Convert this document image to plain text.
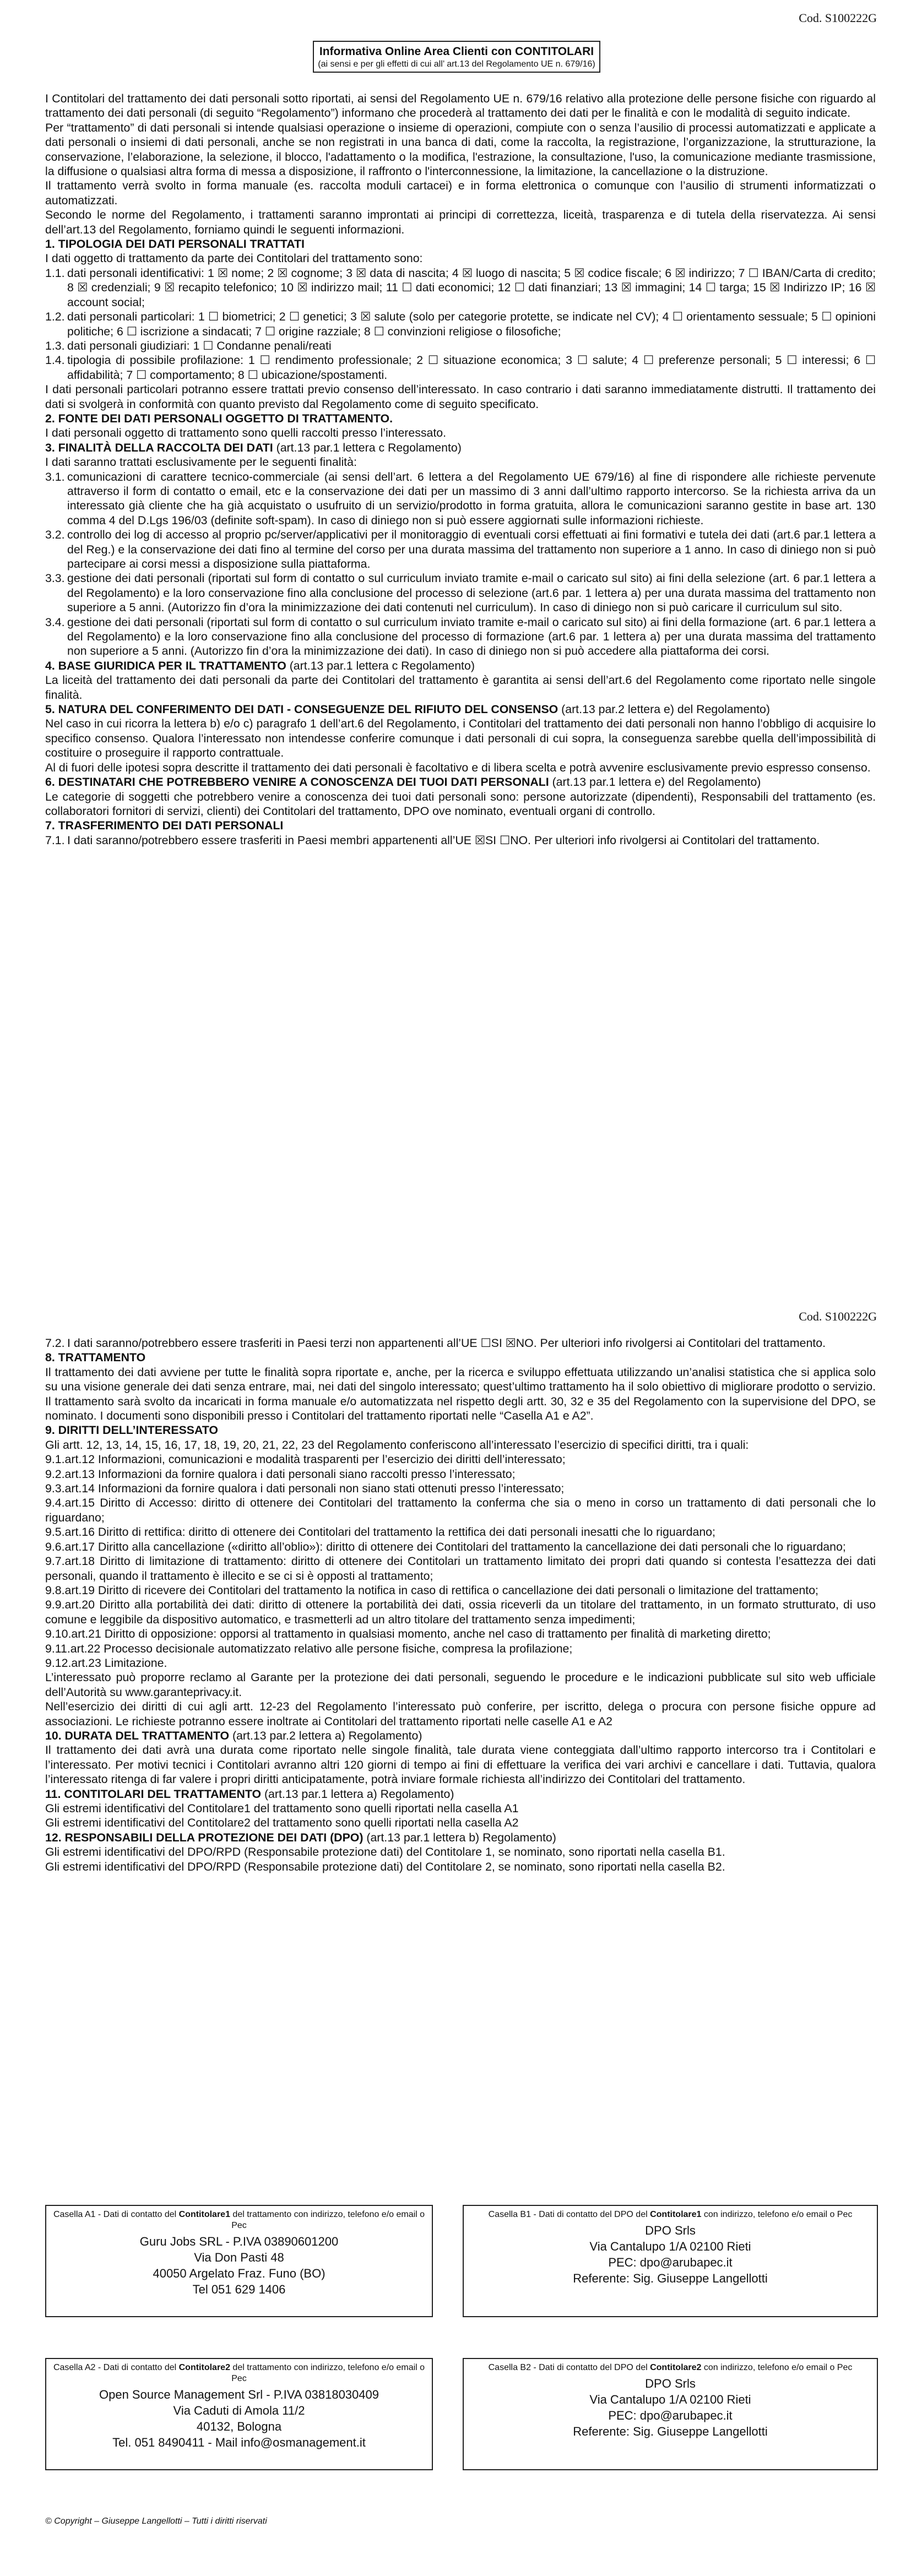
Cod. S100222G
Informativa Online Area Clienti con CONTITOLARI
(ai sensi e per gli effetti di cui all’ art.13 del Regolamento UE n. 679/16)

I Contitolari del trattamento dei dati personali sotto riportati, ai sensi del Regolamento UE n. 679/16 relativo alla protezione delle persone fisiche con riguardo al trattamento dei dati personali (di seguito “Regolamento”) informano che procederà al trattamento dei dati per le finalità e con le modalità di seguito indicate.

Per “trattamento” di dati personali si intende qualsiasi operazione o insieme di operazioni, compiute con o senza l’ausilio di processi automatizzati e applicate a dati personali o insiemi di dati personali, anche se non registrati in una banca di dati, come la raccolta, la registrazione, l’organizzazione, la strutturazione, la conservazione, l’elaborazione, la selezione, il blocco, l'adattamento o la modifica, l'estrazione, la consultazione, l'uso, la comunicazione mediante trasmissione, la diffusione o qualsiasi altra forma di messa a disposizione, il raffronto o l'interconnessione, la limitazione, la cancellazione o la distruzione.

Il trattamento verrà svolto in forma manuale (es. raccolta moduli cartacei) e in forma elettronica o comunque con l’ausilio di strumenti informatizzati o automatizzati.

Secondo le norme del Regolamento, i trattamenti saranno improntati ai principi di correttezza, liceità, trasparenza e di tutela della riservatezza. Ai sensi dell’art.13 del Regolamento, forniamo quindi le seguenti informazioni.

1. TIPOLOGIA DEI DATI PERSONALI TRATTATI

I dati oggetto di trattamento da parte dei Contitolari del trattamento sono:

1.1. dati personali identificativi: 1 ☒ nome; 2 ☒ cognome; 3 ☒ data di nascita; 4 ☒ luogo di nascita; 5 ☒ codice fiscale; 6 ☒ indirizzo; 7 ☐ IBAN/Carta di credito; 8 ☒ credenziali; 9 ☒ recapito telefonico; 10 ☒ indirizzo mail; 11 ☐ dati economici; 12 ☐ dati finanziari; 13 ☒ immagini; 14 ☐ targa; 15 ☒ Indirizzo IP; 16 ☒ account social;
1.2. dati personali particolari: 1 ☐ biometrici; 2 ☐ genetici; 3 ☒ salute (solo per categorie protette, se indicate nel CV); 4 ☐ orientamento sessuale; 5 ☐ opinioni politiche; 6 ☐ iscrizione a sindacati; 7 ☐ origine razziale; 8 ☐ convinzioni religiose o filosofiche;
1.3. dati personali giudiziari: 1 ☐ Condanne penali/reati
1.4. tipologia di possibile profilazione: 1 ☐ rendimento professionale; 2 ☐ situazione economica; 3 ☐ salute; 4 ☐ preferenze personali; 5 ☐ interessi; 6 ☐ affidabilità; 7 ☐ comportamento; 8 ☐ ubicazione/spostamenti.

I dati personali particolari potranno essere trattati previo consenso dell’interessato. In caso contrario i dati saranno immediatamente distrutti. Il trattamento dei dati si svolgerà in conformità con quanto previsto dal Regolamento come di seguito specificato.

2. FONTE DEI DATI PERSONALI OGGETTO DI TRATTAMENTO.

I dati personali oggetto di trattamento sono quelli raccolti presso l’interessato.

3. FINALITÀ DELLA RACCOLTA DEI DATI (art.13 par.1 lettera c Regolamento)

I dati saranno trattati esclusivamente per le seguenti finalità:

3.1. comunicazioni di carattere tecnico-commerciale (ai sensi dell’art. 6 lettera a del Regolamento UE 679/16) al fine di rispondere alle richieste pervenute attraverso il form di contatto o email, etc e la conservazione dei dati per un massimo di 3 anni dall’ultimo rapporto intercorso. Se la richiesta arriva da un interessato già cliente che ha già acquistato o usufruito di un servizio/prodotto in forma gratuita, allora le comunicazioni saranno gestite in base art. 130 comma 4 del D.Lgs 196/03 (definite soft-spam). In caso di diniego non si può essere aggiornati sulle informazioni richieste.
3.2. controllo dei log di accesso al proprio pc/server/applicativi per il monitoraggio di eventuali corsi effettuati ai fini formativi e tutela dei dati (art.6 par.1 lettera a del Reg.) e la conservazione dei dati fino al termine del corso per una durata massima del trattamento non superiore a 1 anno. In caso di diniego non si può partecipare ai corsi messi a disposizione sulla piattaforma.
3.3. gestione dei dati personali (riportati sul form di contatto o sul curriculum inviato tramite e-mail o caricato sul sito) ai fini della selezione (art. 6 par.1 lettera a del Regolamento) e la loro conservazione fino alla conclusione del processo di selezione (art.6 par. 1 lettera a) per una durata massima del trattamento non superiore a 5 anni. (Autorizzo fin d’ora la minimizzazione dei dati contenuti nel curriculum). In caso di diniego non si può caricare il curriculum sul sito.
3.4. gestione dei dati personali (riportati sul form di contatto o sul curriculum inviato tramite e-mail o caricato sul sito) ai fini della formazione (art. 6 par.1 lettera a del Regolamento) e la loro conservazione fino alla conclusione del processo di formazione (art.6 par. 1 lettera a) per una durata massima del trattamento non superiore a 5 anni. (Autorizzo fin d’ora la minimizzazione dei dati). In caso di diniego non si può accedere alla piattaforma dei corsi.

4. BASE GIURIDICA PER IL TRATTAMENTO (art.13 par.1 lettera c Regolamento)

La liceità del trattamento dei dati personali da parte dei Contitolari del trattamento è garantita ai sensi dell’art.6 del Regolamento come riportato nelle singole finalità.

5. NATURA DEL CONFERIMENTO DEI DATI - CONSEGUENZE DEL RIFIUTO DEL CONSENSO (art.13 par.2 lettera e) del Regolamento)

Nel caso in cui ricorra la lettera b) e/o c) paragrafo 1 dell’art.6 del Regolamento, i Contitolari del trattamento dei dati personali non hanno l’obbligo di acquisire lo specifico consenso. Qualora l’interessato non intendesse conferire comunque i dati personali di cui sopra, la conseguenza sarebbe quella dell’impossibilità di costituire o proseguire il rapporto contrattuale.

Al di fuori delle ipotesi sopra descritte il trattamento dei dati personali è facoltativo e di libera scelta e potrà avvenire esclusivamente previo espresso consenso.

6. DESTINATARI CHE POTREBBERO VENIRE A CONOSCENZA DEI TUOI DATI PERSONALI (art.13 par.1 lettera e) del Regolamento)

Le categorie di soggetti che potrebbero venire a conoscenza dei tuoi dati personali sono: persone autorizzate (dipendenti), Responsabili del trattamento (es. collaboratori fornitori di servizi, clienti) dei Contitolari del trattamento, DPO ove nominato, eventuali organi di controllo.

7. TRASFERIMENTO DEI DATI PERSONALI

7.1. I dati saranno/potrebbero essere trasferiti in Paesi membri appartenenti all’UE ☒SI ☐NO. Per ulteriori info rivolgersi ai Contitolari del trattamento.
Cod. S100222G
7.2. I dati saranno/potrebbero essere trasferiti in Paesi terzi non appartenenti all’UE ☐SI ☒NO. Per ulteriori info rivolgersi ai Contitolari del trattamento.

8. TRATTAMENTO

Il trattamento dei dati avviene per tutte le finalità sopra riportate e, anche, per la ricerca e sviluppo effettuata utilizzando un’analisi statistica che si applica solo su una visione generale dei dati senza entrare, mai, nei dati del singolo interessato; quest’ultimo trattamento ha il solo obiettivo di migliorare prodotto o servizio. Il trattamento sarà svolto da incaricati in forma manuale e/o automatizzata nel rispetto degli artt. 30, 32 e 35 del Regolamento con la supervisione del DPO, se nominato. I documenti sono disponibili presso i Contitolari del trattamento riportati nelle “Casella A1 e A2”.

9. DIRITTI DELL’INTERESSATO

Gli artt. 12, 13, 14, 15, 16, 17, 18, 19, 20, 21, 22, 23 del Regolamento conferiscono all’interessato l’esercizio di specifici diritti, tra i quali:

9.1.art.12 Informazioni, comunicazioni e modalità trasparenti per l’esercizio dei diritti dell’interessato;

9.2.art.13 Informazioni da fornire qualora i dati personali siano raccolti presso l’interessato;

9.3.art.14 Informazioni da fornire qualora i dati personali non siano stati ottenuti presso l’interessato;

9.4.art.15 Diritto di Accesso: diritto di ottenere dei Contitolari del trattamento la conferma che sia o meno in corso un trattamento di dati personali che lo riguardano;

9.5.art.16 Diritto di rettifica: diritto di ottenere dei Contitolari del trattamento la rettifica dei dati personali inesatti che lo riguardano;

9.6.art.17 Diritto alla cancellazione («diritto all’oblio»): diritto di ottenere dei Contitolari del trattamento la cancellazione dei dati personali che lo riguardano;

9.7.art.18 Diritto di limitazione di trattamento: diritto di ottenere dei Contitolari un trattamento limitato dei propri dati quando si contesta l’esattezza dei dati personali, quando il trattamento è illecito e se ci si è opposti al trattamento;

9.8.art.19 Diritto di ricevere dei Contitolari del trattamento la notifica in caso di rettifica o cancellazione dei dati personali o limitazione del trattamento;

9.9.art.20 Diritto alla portabilità dei dati: diritto di ottenere la portabilità dei dati, ossia riceverli da un titolare del trattamento, in un formato strutturato, di uso comune e leggibile da dispositivo automatico, e trasmetterli ad un altro titolare del trattamento senza impedimenti;

9.10.art.21 Diritto di opposizione: opporsi al trattamento in qualsiasi momento, anche nel caso di trattamento per finalità di marketing diretto;

9.11.art.22 Processo decisionale automatizzato relativo alle persone fisiche, compresa la profilazione;

9.12.art.23 Limitazione.

L’interessato può proporre reclamo al Garante per la protezione dei dati personali, seguendo le procedure e le indicazioni pubblicate sul sito web ufficiale dell’Autorità su www.garanteprivacy.it.

Nell’esercizio dei diritti di cui agli artt. 12-23 del Regolamento l’interessato può conferire, per iscritto, delega o procura con persone fisiche oppure ad associazioni. Le richieste potranno essere inoltrate ai Contitolari del trattamento riportati nelle caselle A1 e A2

10. DURATA DEL TRATTAMENTO (art.13 par.2 lettera a) Regolamento)

Il trattamento dei dati avrà una durata come riportato nelle singole finalità, tale durata viene conteggiata dall’ultimo rapporto intercorso tra i Contitolari e l’interessato. Per motivi tecnici i Contitolari avranno altri 120 giorni di tempo ai fini di effettuare la verifica dei vari archivi e cancellare i dati. Tuttavia, qualora l’interessato ritenga di far valere i propri diritti anticipatamente, potrà inviare formale richiesta all’indirizzo dei Contitolari del trattamento.

11. CONTITOLARI DEL TRATTAMENTO (art.13 par.1 lettera a) Regolamento)

Gli estremi identificativi del Contitolare1 del trattamento sono quelli riportati nella casella A1

Gli estremi identificativi del Contitolare2 del trattamento sono quelli riportati nella casella A2

12. RESPONSABILI DELLA PROTEZIONE DEI DATI (DPO) (art.13 par.1 lettera b) Regolamento)

Gli estremi identificativi del DPO/RPD (Responsabile protezione dati) del Contitolare 1, se nominato, sono riportati nella casella B1.

Gli estremi identificativi del DPO/RPD (Responsabile protezione dati) del Contitolare 2, se nominato, sono riportati nella casella B2.

Casella A1 - Dati di contatto del Contitolare1 del trattamento con indirizzo, telefono e/o email o Pec
Guru Jobs SRL - P.IVA 03890601200
Via Don Pasti 48
40050 Argelato Fraz. Funo (BO)
Tel 051 629 1406
Casella B1 - Dati di contatto del DPO del Contitolare1 con indirizzo, telefono e/o email o Pec
DPO Srls
Via Cantalupo 1/A 02100 Rieti
PEC: dpo@arubapec.it
Referente: Sig. Giuseppe Langellotti
Casella A2 - Dati di contatto del Contitolare2 del trattamento con indirizzo, telefono e/o email o Pec
Open Source Management Srl - P.IVA 03818030409
Via Caduti di Amola 11/2
40132, Bologna
Tel. 051 8490411 - Mail info@osmanagement.it
Casella B2 - Dati di contatto del DPO del Contitolare2 con indirizzo, telefono e/o email o Pec
DPO Srls
Via Cantalupo 1/A 02100 Rieti
PEC: dpo@arubapec.it
Referente: Sig. Giuseppe Langellotti
© Copyright – Giuseppe Langellotti – Tutti i diritti riservati
